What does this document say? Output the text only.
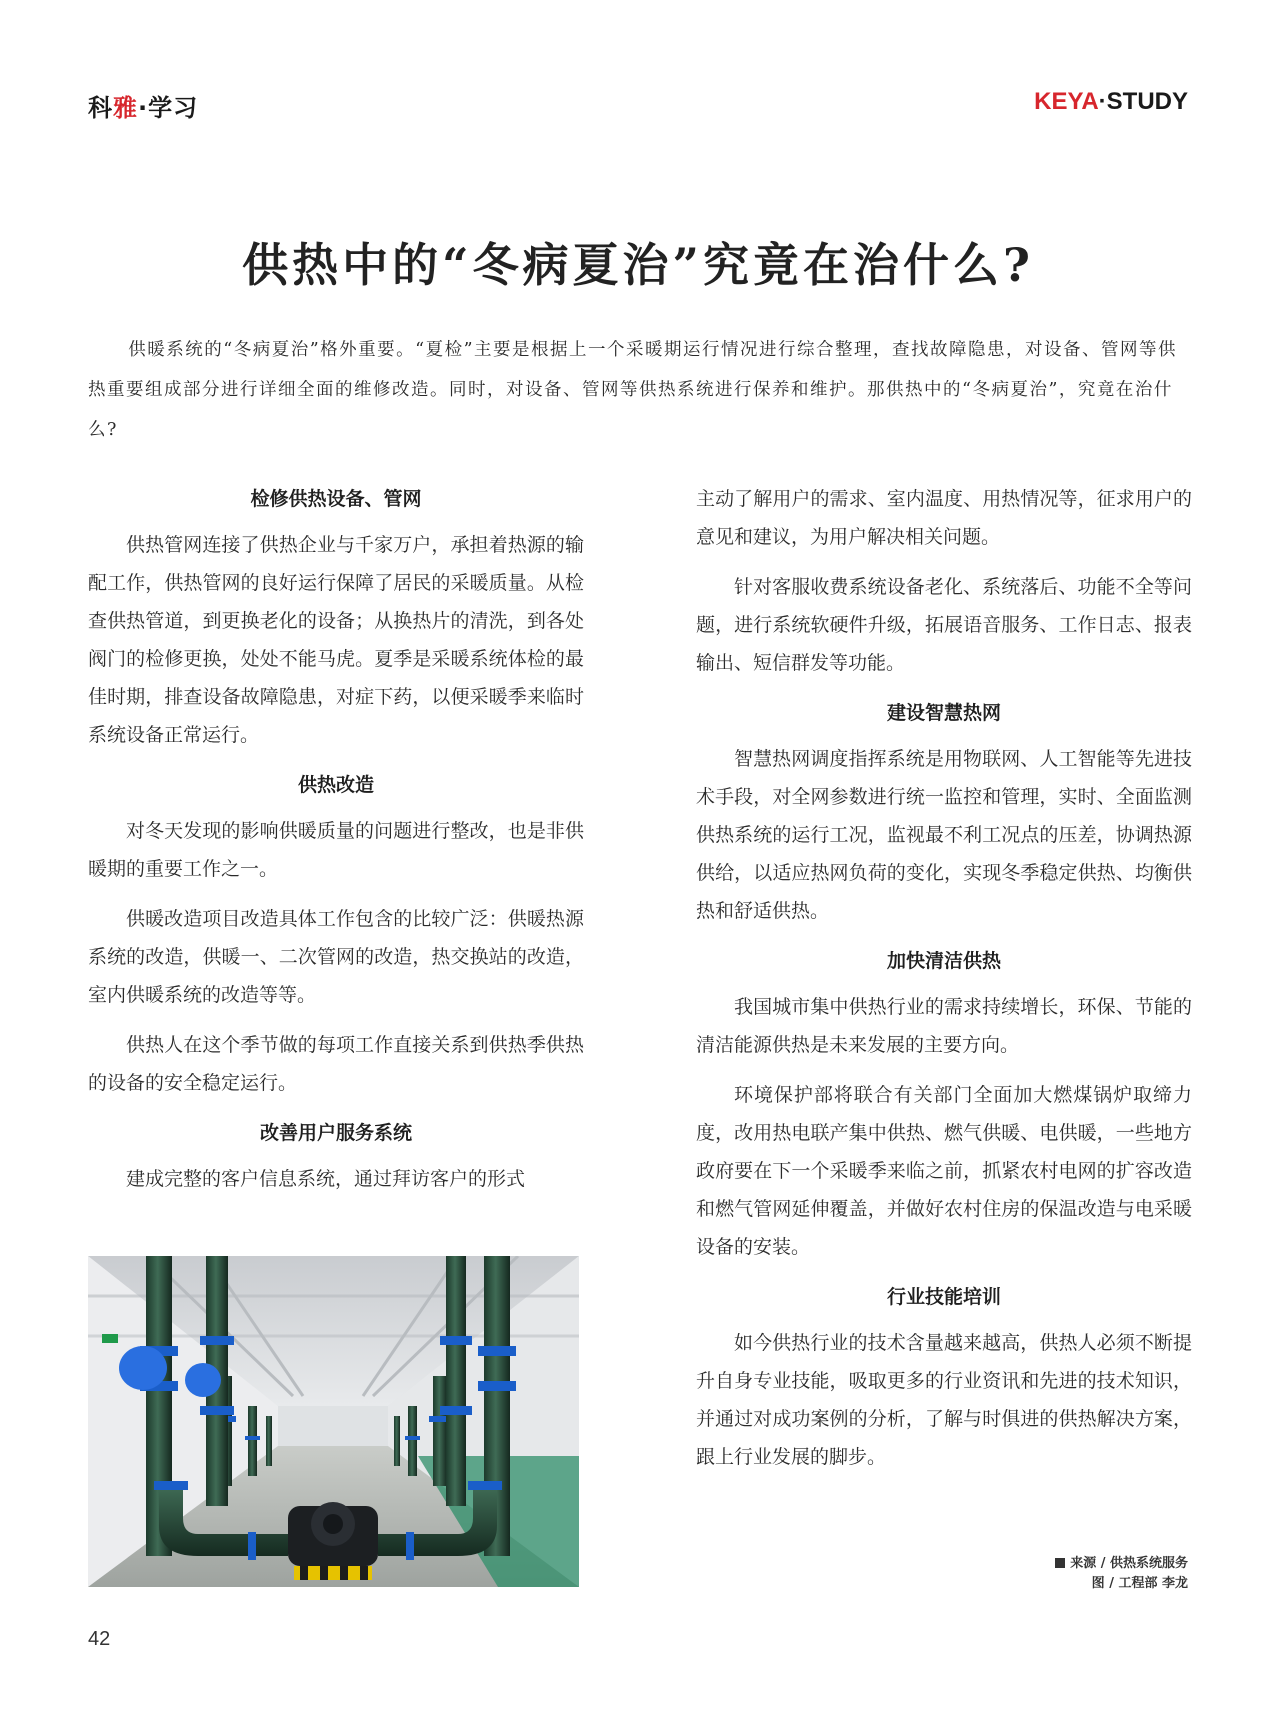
科雅·学习	KEYA·STUDY
供热中的“冬病夏治”究竟在治什么?

供暖系统的“冬病夏治”格外重要。“夏检”主要是根据上一个采暖期运行情况进行综合整理，查找故障隐患，对设备、管网等供热重要组成部分进行详细全面的维修改造。同时，对设备、管网等供热系统进行保养和维护。那供热中的“冬病夏治”，究竟在治什么?

检修供热设备、管网

供热管网连接了供热企业与千家万户，承担着热源的输配工作，供热管网的良好运行保障了居民的采暖质量。从检查供热管道，到更换老化的设备；从换热片的清洗，到各处阀门的检修更换，处处不能马虎。夏季是采暖系统体检的最佳时期，排查设备故障隐患，对症下药，以便采暖季来临时系统设备正常运行。

供热改造

对冬天发现的影响供暖质量的问题进行整改，也是非供暖期的重要工作之一。

供暖改造项目改造具体工作包含的比较广泛：供暖热源系统的改造，供暖一、二次管网的改造，热交换站的改造，室内供暖系统的改造等等。

供热人在这个季节做的每项工作直接关系到供热季供热的设备的安全稳定运行。

改善用户服务系统

建成完整的客户信息系统，通过拜访客户的形式

主动了解用户的需求、室内温度、用热情况等，征求用户的意见和建议，为用户解决相关问题。

针对客服收费系统设备老化、系统落后、功能不全等问题，进行系统软硬件升级，拓展语音服务、工作日志、报表输出、短信群发等功能。

建设智慧热网

智慧热网调度指挥系统是用物联网、人工智能等先进技术手段，对全网参数进行统一监控和管理，实时、全面监测供热系统的运行工况，监视最不利工况点的压差，协调热源供给，以适应热网负荷的变化，实现冬季稳定供热、均衡供热和舒适供热。

加快清洁供热

我国城市集中供热行业的需求持续增长，环保、节能的清洁能源供热是未来发展的主要方向。

环境保护部将联合有关部门全面加大燃煤锅炉取缔力度，改用热电联产集中供热、燃气供暖、电供暖，一些地方政府要在下一个采暖季来临之前，抓紧农村电网的扩容改造和燃气管网延伸覆盖，并做好农村住房的保温改造与电采暖设备的安装。

行业技能培训

如今供热行业的技术含量越来越高，供热人必须不断提升自身专业技能，吸取更多的行业资讯和先进的技术知识，并通过对成功案例的分析，了解与时俱进的供热解决方案，跟上行业发展的脚步。

来源 / 供热系统服务
图 / 工程部 李龙
42
